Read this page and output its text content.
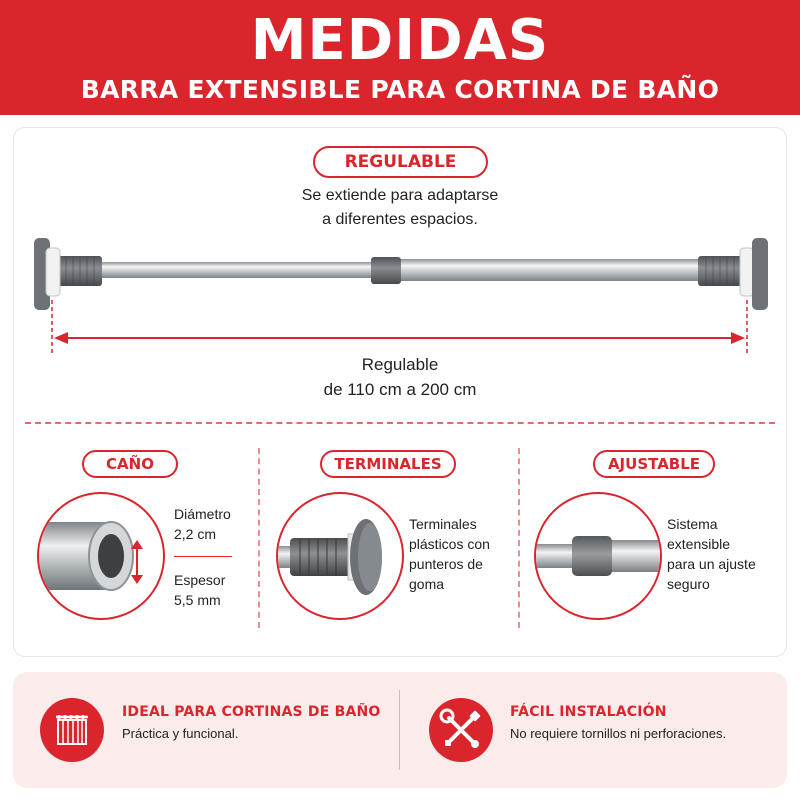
MEDIDAS
BARRA EXTENSIBLE PARA CORTINA DE BAÑO
REGULABLE
Se extiende para adaptarse
a diferentes espacios.
Regulable
de 110 cm a 200 cm
CAÑO
Diámetro
2,2 cm
Espesor
5,5 mm
TERMINALES
Terminales
plásticos con
punteros de
goma
AJUSTABLE
Sistema
extensible
para un ajuste
seguro
IDEAL PARA CORTINAS DE BAÑO
Práctica y funcional.
FÁCIL INSTALACIÓN
No requiere tornillos ni perforaciones.
